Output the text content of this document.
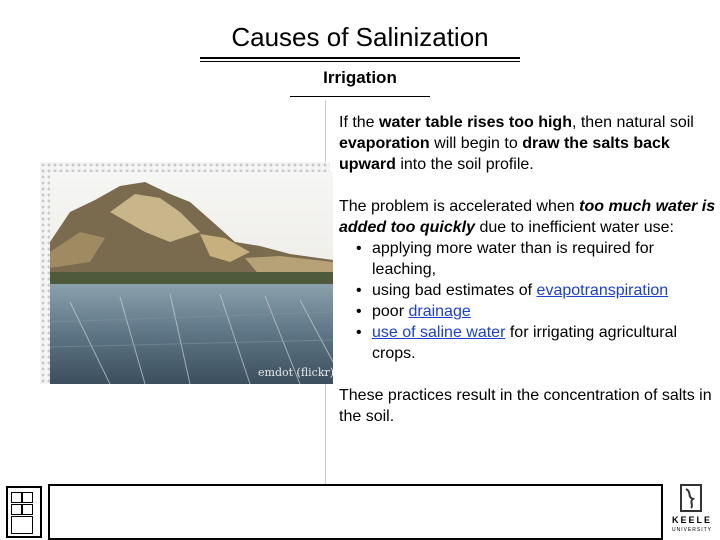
Causes of Salinization
Irrigation
emdot (flickr)

If the water table rises too high, then natural soil evaporation will begin to draw the salts back upward into the soil profile.

The problem is accelerated when too much water is added too quickly due to inefficient water use:

• applying more water than is required for leaching,
• using bad estimates of evapotranspiration
• poor drainage
• use of saline water for irrigating agricultural crops.

These practices result in the concentration of salts in the soil.

KEELE
UNIVERSITY
